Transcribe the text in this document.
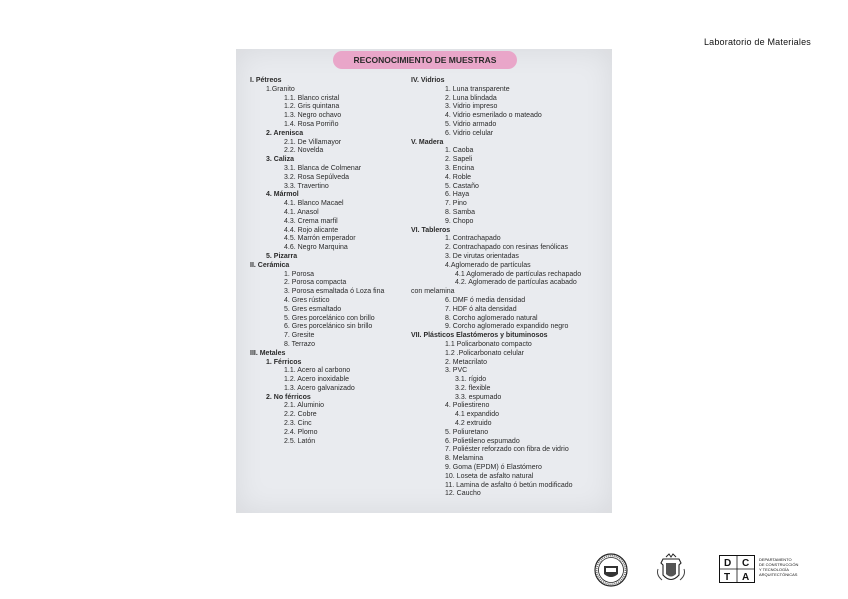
Laboratorio de Materiales
RECONOCIMIENTO DE MUESTRAS
I. Pétreos
1.Granito
1.1. Blanco cristal
1.2. Gris quintana
1.3. Negro ochavo
1.4. Rosa Porriño
2. Arenisca
2.1. De Villamayor
2.2. Novelda
3. Caliza
3.1. Blanca de Colmenar
3.2. Rosa Sepúlveda
3.3. Travertino
4. Mármol
4.1. Blanco Macael
4.1. Anasol
4.3. Crema marfil
4.4. Rojo alicante
4.5. Marrón emperador
4.6. Negro Marquina
5. Pizarra
II. Cerámica
1. Porosa
2. Porosa compacta
3. Porosa esmaltada ó Loza fina
4. Gres rústico
5. Gres esmaltado
5. Gres porcelánico con brillo
6. Gres porcelánico sin brillo
7. Gresite
8. Terrazo
III. Metales
1. Férricos
1.1. Acero al carbono
1.2. Acero inoxidable
1.3. Acero galvanizado
2. No férricos
2.1. Aluminio
2.2. Cobre
2.3. Cinc
2.4. Plomo
2.5. Latón
IV. Vidrios
1. Luna transparente
2. Luna blindada
3. Vidrio impreso
4. Vidrio esmerilado o mateado
5. Vidrio armado
6. Vidrio celular
V. Madera
1. Caoba
2. Sapeli
3. Encina
4. Roble
5. Castaño
6. Haya
7. Pino
8. Samba
9. Chopo
VI. Tableros
1. Contrachapado
2. Contrachapado con resinas fenólicas
3. De virutas orientadas
4.Aglomerado de partículas
4.1 Aglomerado de partículas rechapado
4.2. Aglomerado de partículas acabado
con melamina
6. DMF ó media densidad
7. HDF ó alta densidad
8. Corcho aglomerado natural
9. Corcho aglomerado expandido negro
VII. Plásticos Elastómeros y bituminosos
1.1 Policarbonato compacto
1.2 .Policarbonato celular
2. Metacrilato
3. PVC
3.1. rígido
3.2. flexible
3.3. espumado
4. Poliestireno
4.1 expandido
4.2 extruido
5. Poliuretano
6. Polietileno espumado
7. Poliéster reforzado con fibra de vidrio
8. Melamina
9. Goma (EPDM) ó Elastómero
10. Loseta de asfalto natural
11. Lamina de asfalto ó betún modificado
12. Caucho
D C
T A
DEPARTAMENTO
DE CONSTRUCCIÓN
Y TECNOLOGÍA
ARQUITECTÓNICAS
